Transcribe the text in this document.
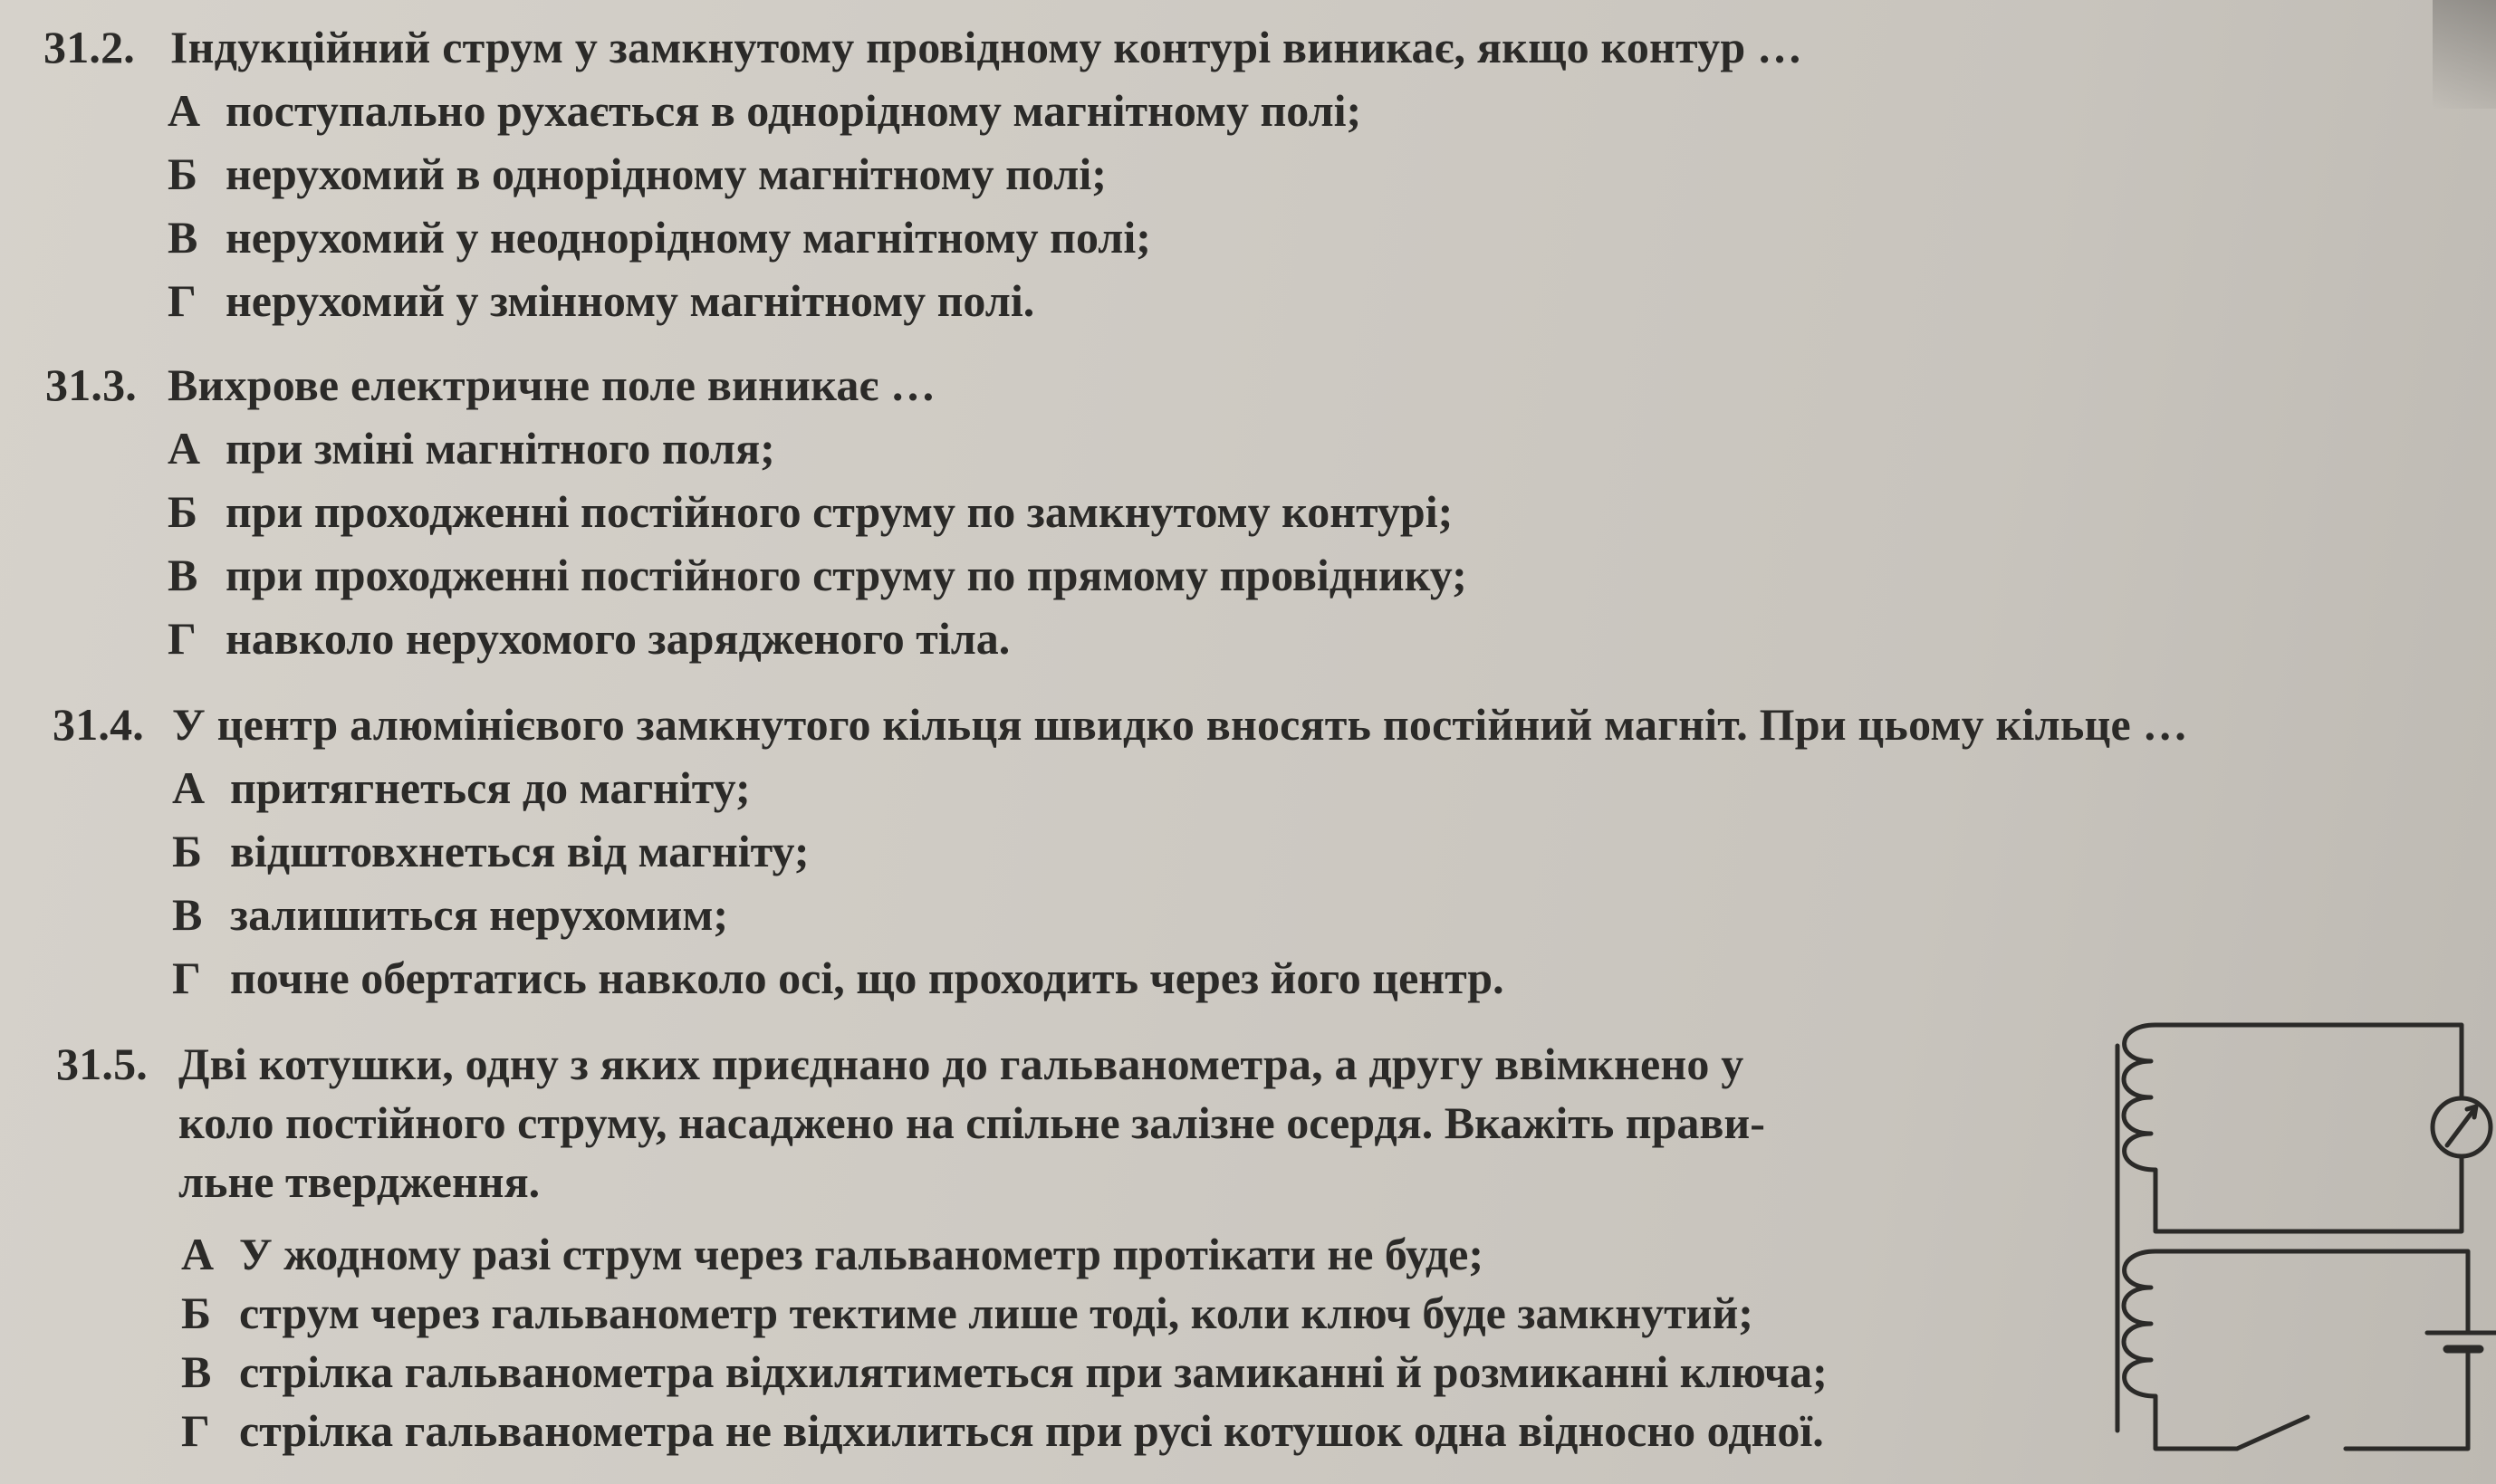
31.2. Індукційний струм у замкнутому провідному контурі виникає, якщо контур …
А поступально рухається в однорідному магнітному полі;
Б нерухомий в однорідному магнітному полі;
В нерухомий у неоднорідному магнітному полі;
Г нерухомий у змінному магнітному полі.
31.3. Вихрове електричне поле виникає …
А при зміні магнітного поля;
Б при проходженні постійного струму по замкнутому контурі;
В при проходженні постійного струму по прямому провіднику;
Г навколо нерухомого зарядженого тіла.
31.4. У центр алюмінієвого замкнутого кільця швидко вносять постійний магніт. При цьому кільце …
А притягнеться до магніту;
Б відштовхнеться від магніту;
В залишиться нерухомим;
Г почне обертатись навколо осі, що проходить через його центр.
31.5. Дві котушки, одну з яких приєднано до гальванометра, а другу ввімкнено у
коло постійного струму, насаджено на спільне залізне осердя. Вкажіть прави-
льне твердження.
А У жодному разі струм через гальванометр протікати не буде;
Б струм через гальванометр тектиме лише тоді, коли ключ буде замкнутий;
В стрілка гальванометра відхилятиметься при замиканні й розмиканні ключа;
Г стрілка гальванометра не відхилиться при русі котушок одна відносно одної.
